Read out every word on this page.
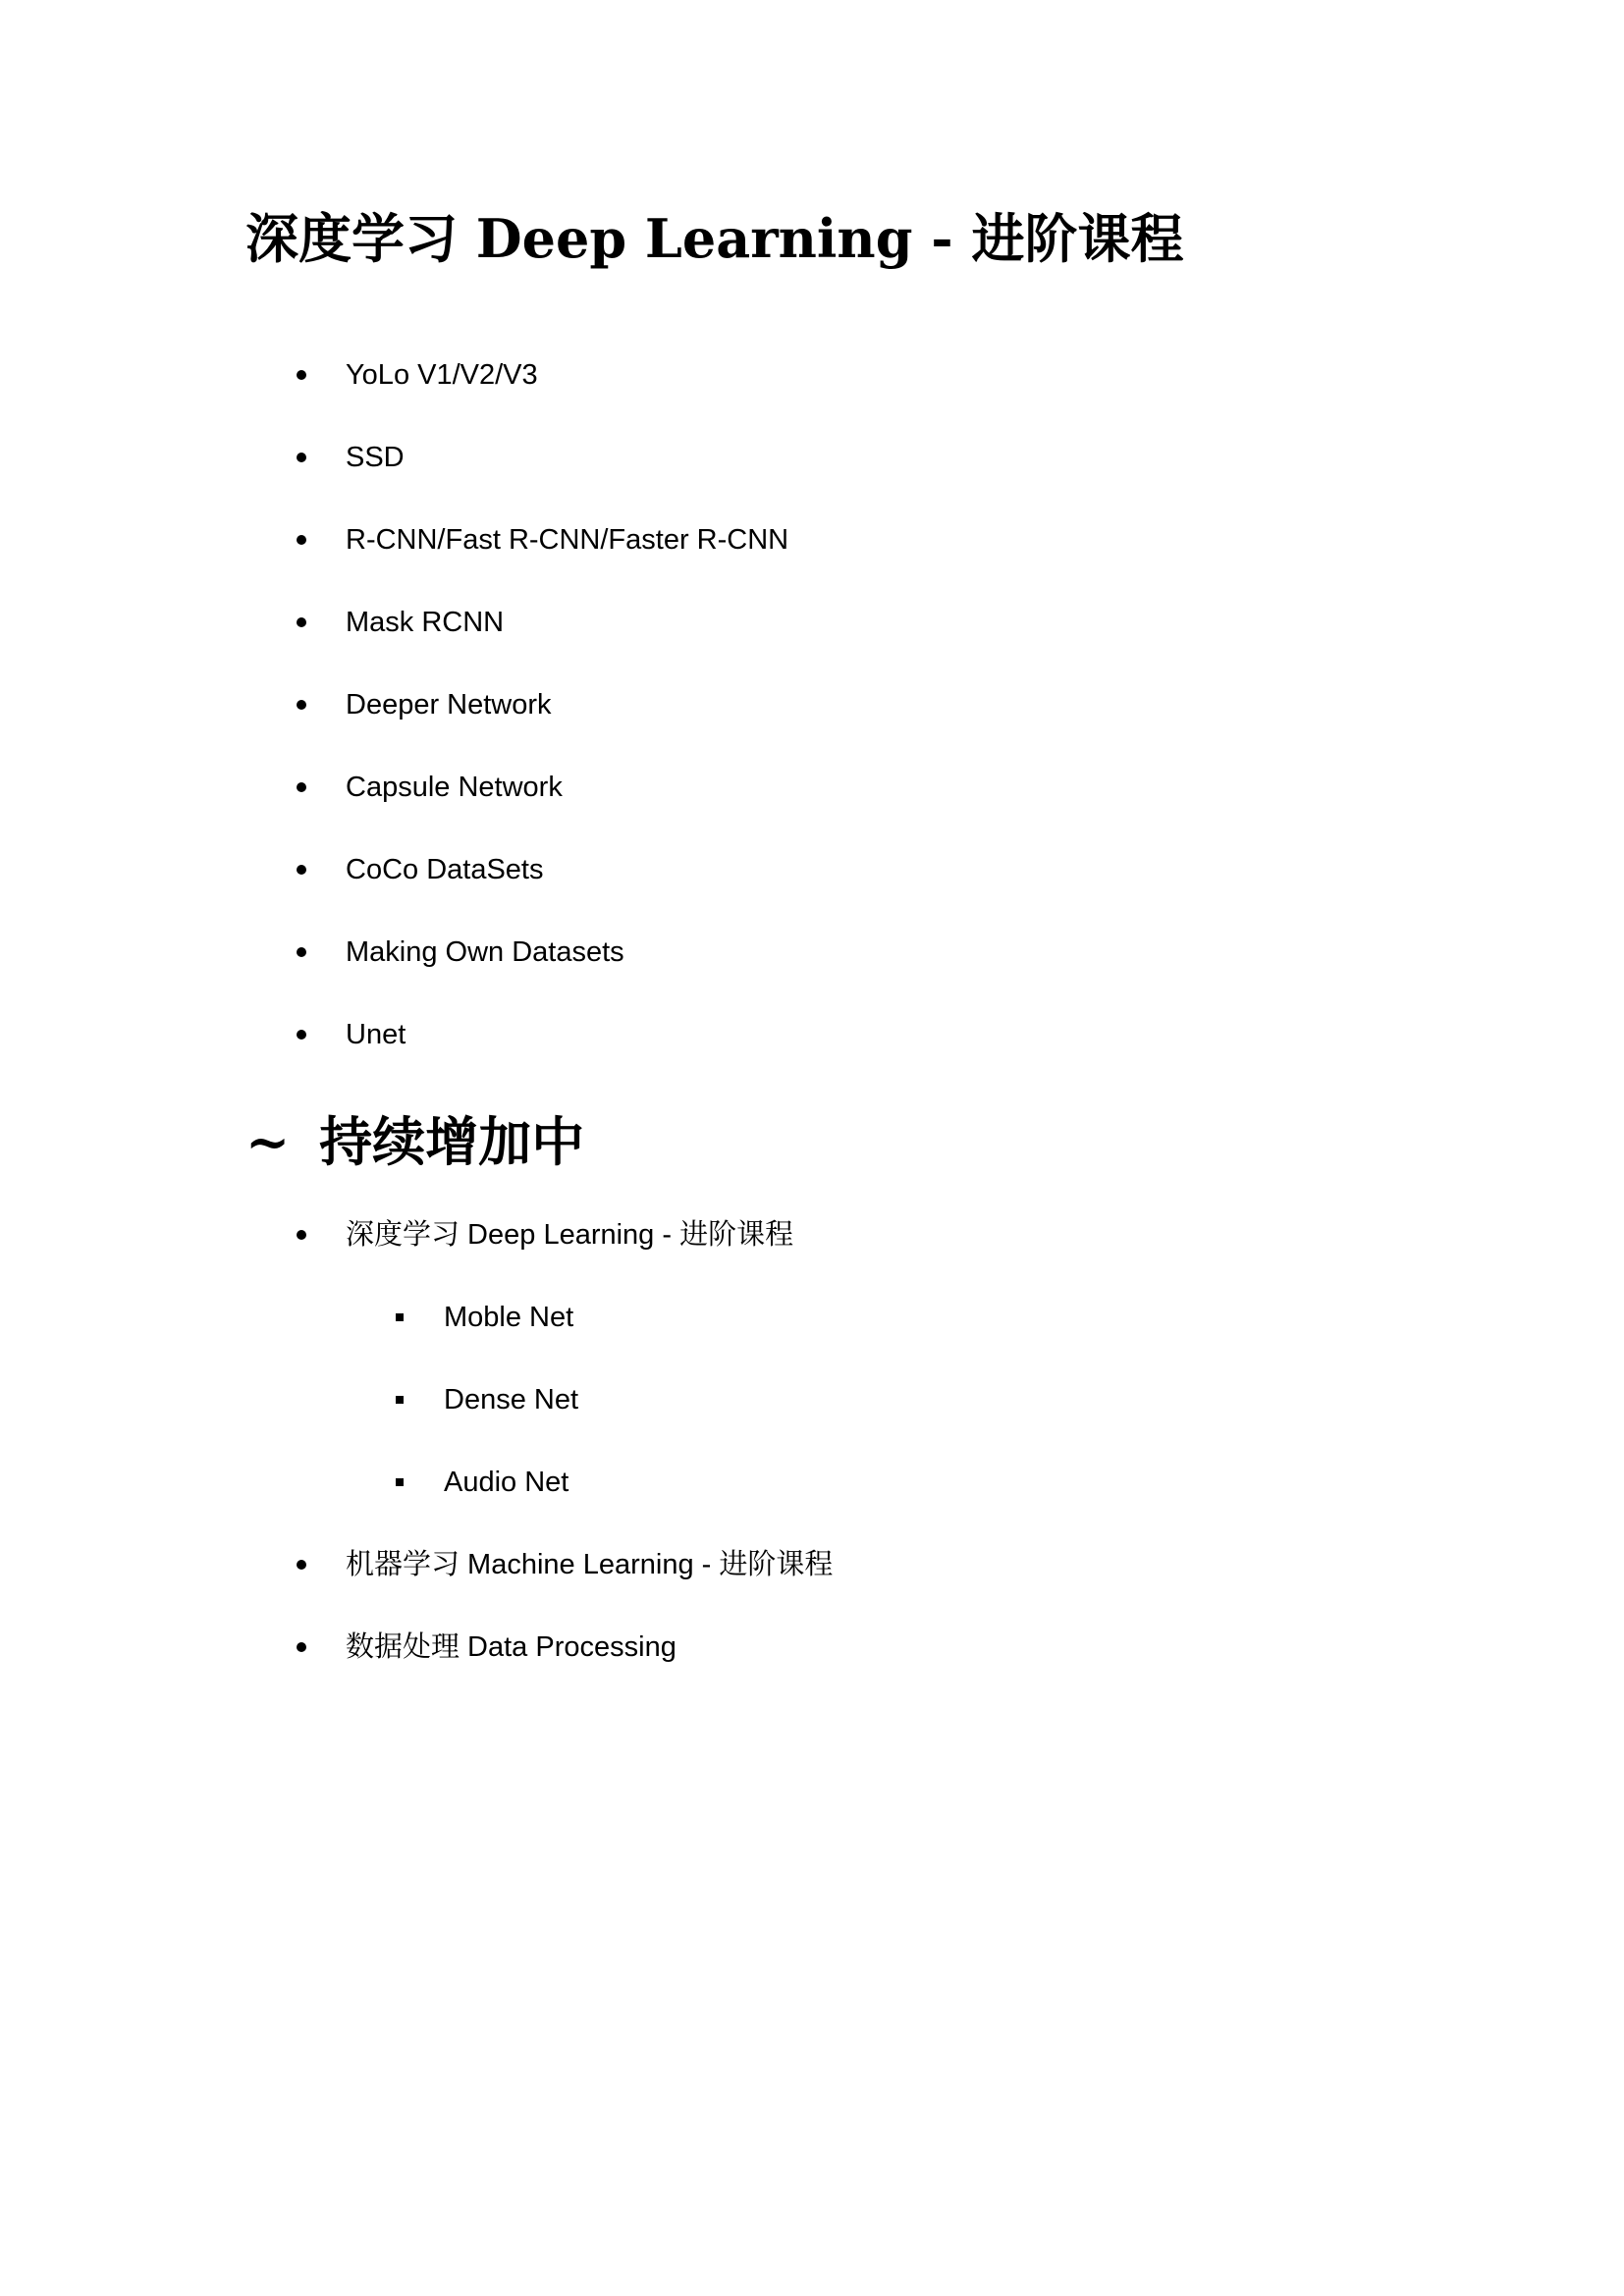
深度学习 Deep Learning - 进阶课程
YoLo V1/V2/V3
SSD
R-CNN/Fast R-CNN/Faster R-CNN
Mask RCNN
Deeper Network
Capsule Network
CoCo DataSets
Making Own Datasets
Unet
~ 持续增加中
深度学习 Deep Learning - 进阶课程
Moble Net
Dense Net
Audio Net
机器学习 Machine Learning - 进阶课程
数据处理 Data Processing
